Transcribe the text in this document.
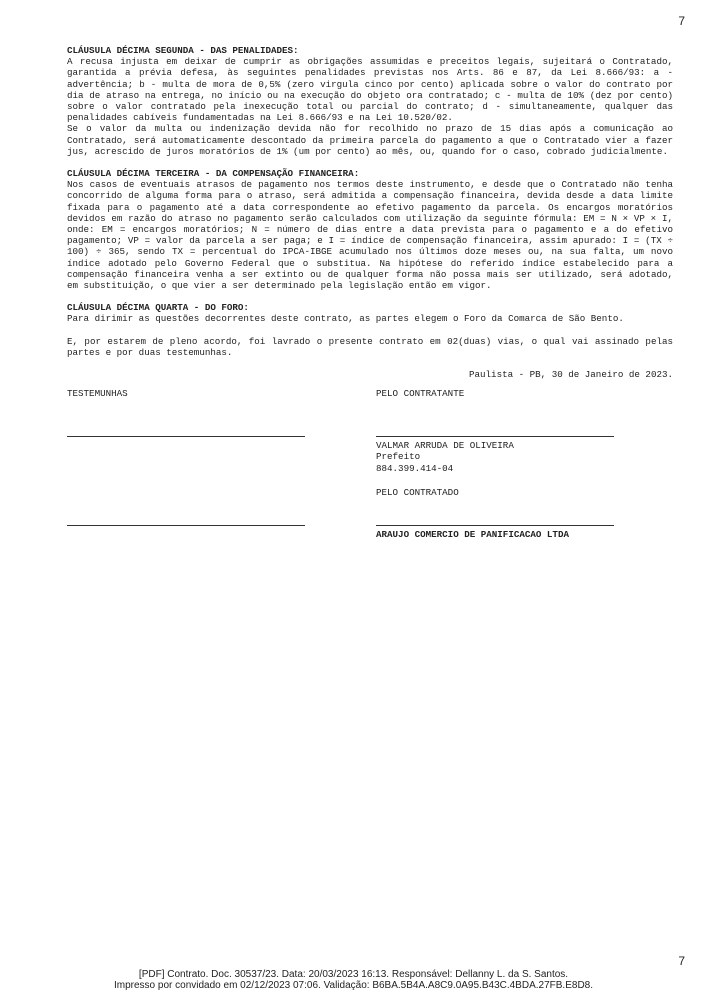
7

CLÁUSULA DÉCIMA SEGUNDA - DAS PENALIDADES:

A recusa injusta em deixar de cumprir as obrigações assumidas e preceitos legais, sujeitará o Contratado, garantida a prévia defesa, às seguintes penalidades previstas nos Arts. 86 e 87, da Lei 8.666/93: a - advertência; b - multa de mora de 0,5% (zero virgula cinco por cento) aplicada sobre o valor do contrato por dia de atraso na entrega, no início ou na execução do objeto ora contratado; c - multa de 10% (dez por cento) sobre o valor contratado pela inexecução total ou parcial do contrato; d - simultaneamente, qualquer das penalidades cabíveis fundamentadas na Lei 8.666/93 e na Lei 10.520/02.

Se o valor da multa ou indenização devida não for recolhido no prazo de 15 dias após a comunicação ao Contratado, será automaticamente descontado da primeira parcela do pagamento a que o Contratado vier a fazer jus, acrescido de juros moratórios de 1% (um por cento) ao mês, ou, quando for o caso, cobrado judicialmente.

CLÁUSULA DÉCIMA TERCEIRA - DA COMPENSAÇÃO FINANCEIRA:

Nos casos de eventuais atrasos de pagamento nos termos deste instrumento, e desde que o Contratado não tenha concorrido de alguma forma para o atraso, será admitida a compensação financeira, devida desde a data limite fixada para o pagamento até a data correspondente ao efetivo pagamento da parcela. Os encargos moratórios devidos em razão do atraso no pagamento serão calculados com utilização da seguinte fórmula: EM = N × VP × I, onde: EM = encargos moratórios; N = número de dias entre a data prevista para o pagamento e a do efetivo pagamento; VP = valor da parcela a ser paga; e I = índice de compensação financeira, assim apurado: I = (TX ÷ 100) ÷ 365, sendo TX = percentual do IPCA-IBGE acumulado nos últimos doze meses ou, na sua falta, um novo índice adotado pelo Governo Federal que o substitua. Na hipótese do referido índice estabelecido para a compensação financeira venha a ser extinto ou de qualquer forma não possa mais ser utilizado, será adotado, em substituição, o que vier a ser determinado pela legislação então em vigor.

CLÁUSULA DÉCIMA QUARTA - DO FORO:

Para dirimir as questões decorrentes deste contrato, as partes elegem o Foro da Comarca de São Bento.

E, por estarem de pleno acordo, foi lavrado o presente contrato em 02(duas) vias, o qual vai assinado pelas partes e por duas testemunhas.

Paulista - PB, 30 de Janeiro de 2023.

TESTEMUNHAS	PELO CONTRATANTE
VALMAR ARRUDA DE OLIVEIRA
Prefeito
884.399.414-04
PELO CONTRATADO
ARAUJO COMERCIO DE PANIFICACAO LTDA
7
[PDF] Contrato. Doc. 30537/23. Data: 20/03/2023 16:13. Responsável: Dellanny L. da S. Santos.
Impresso por convidado em 02/12/2023 07:06. Validação: B6BA.5B4A.A8C9.0A95.B43C.4BDA.27FB.E8D8.
